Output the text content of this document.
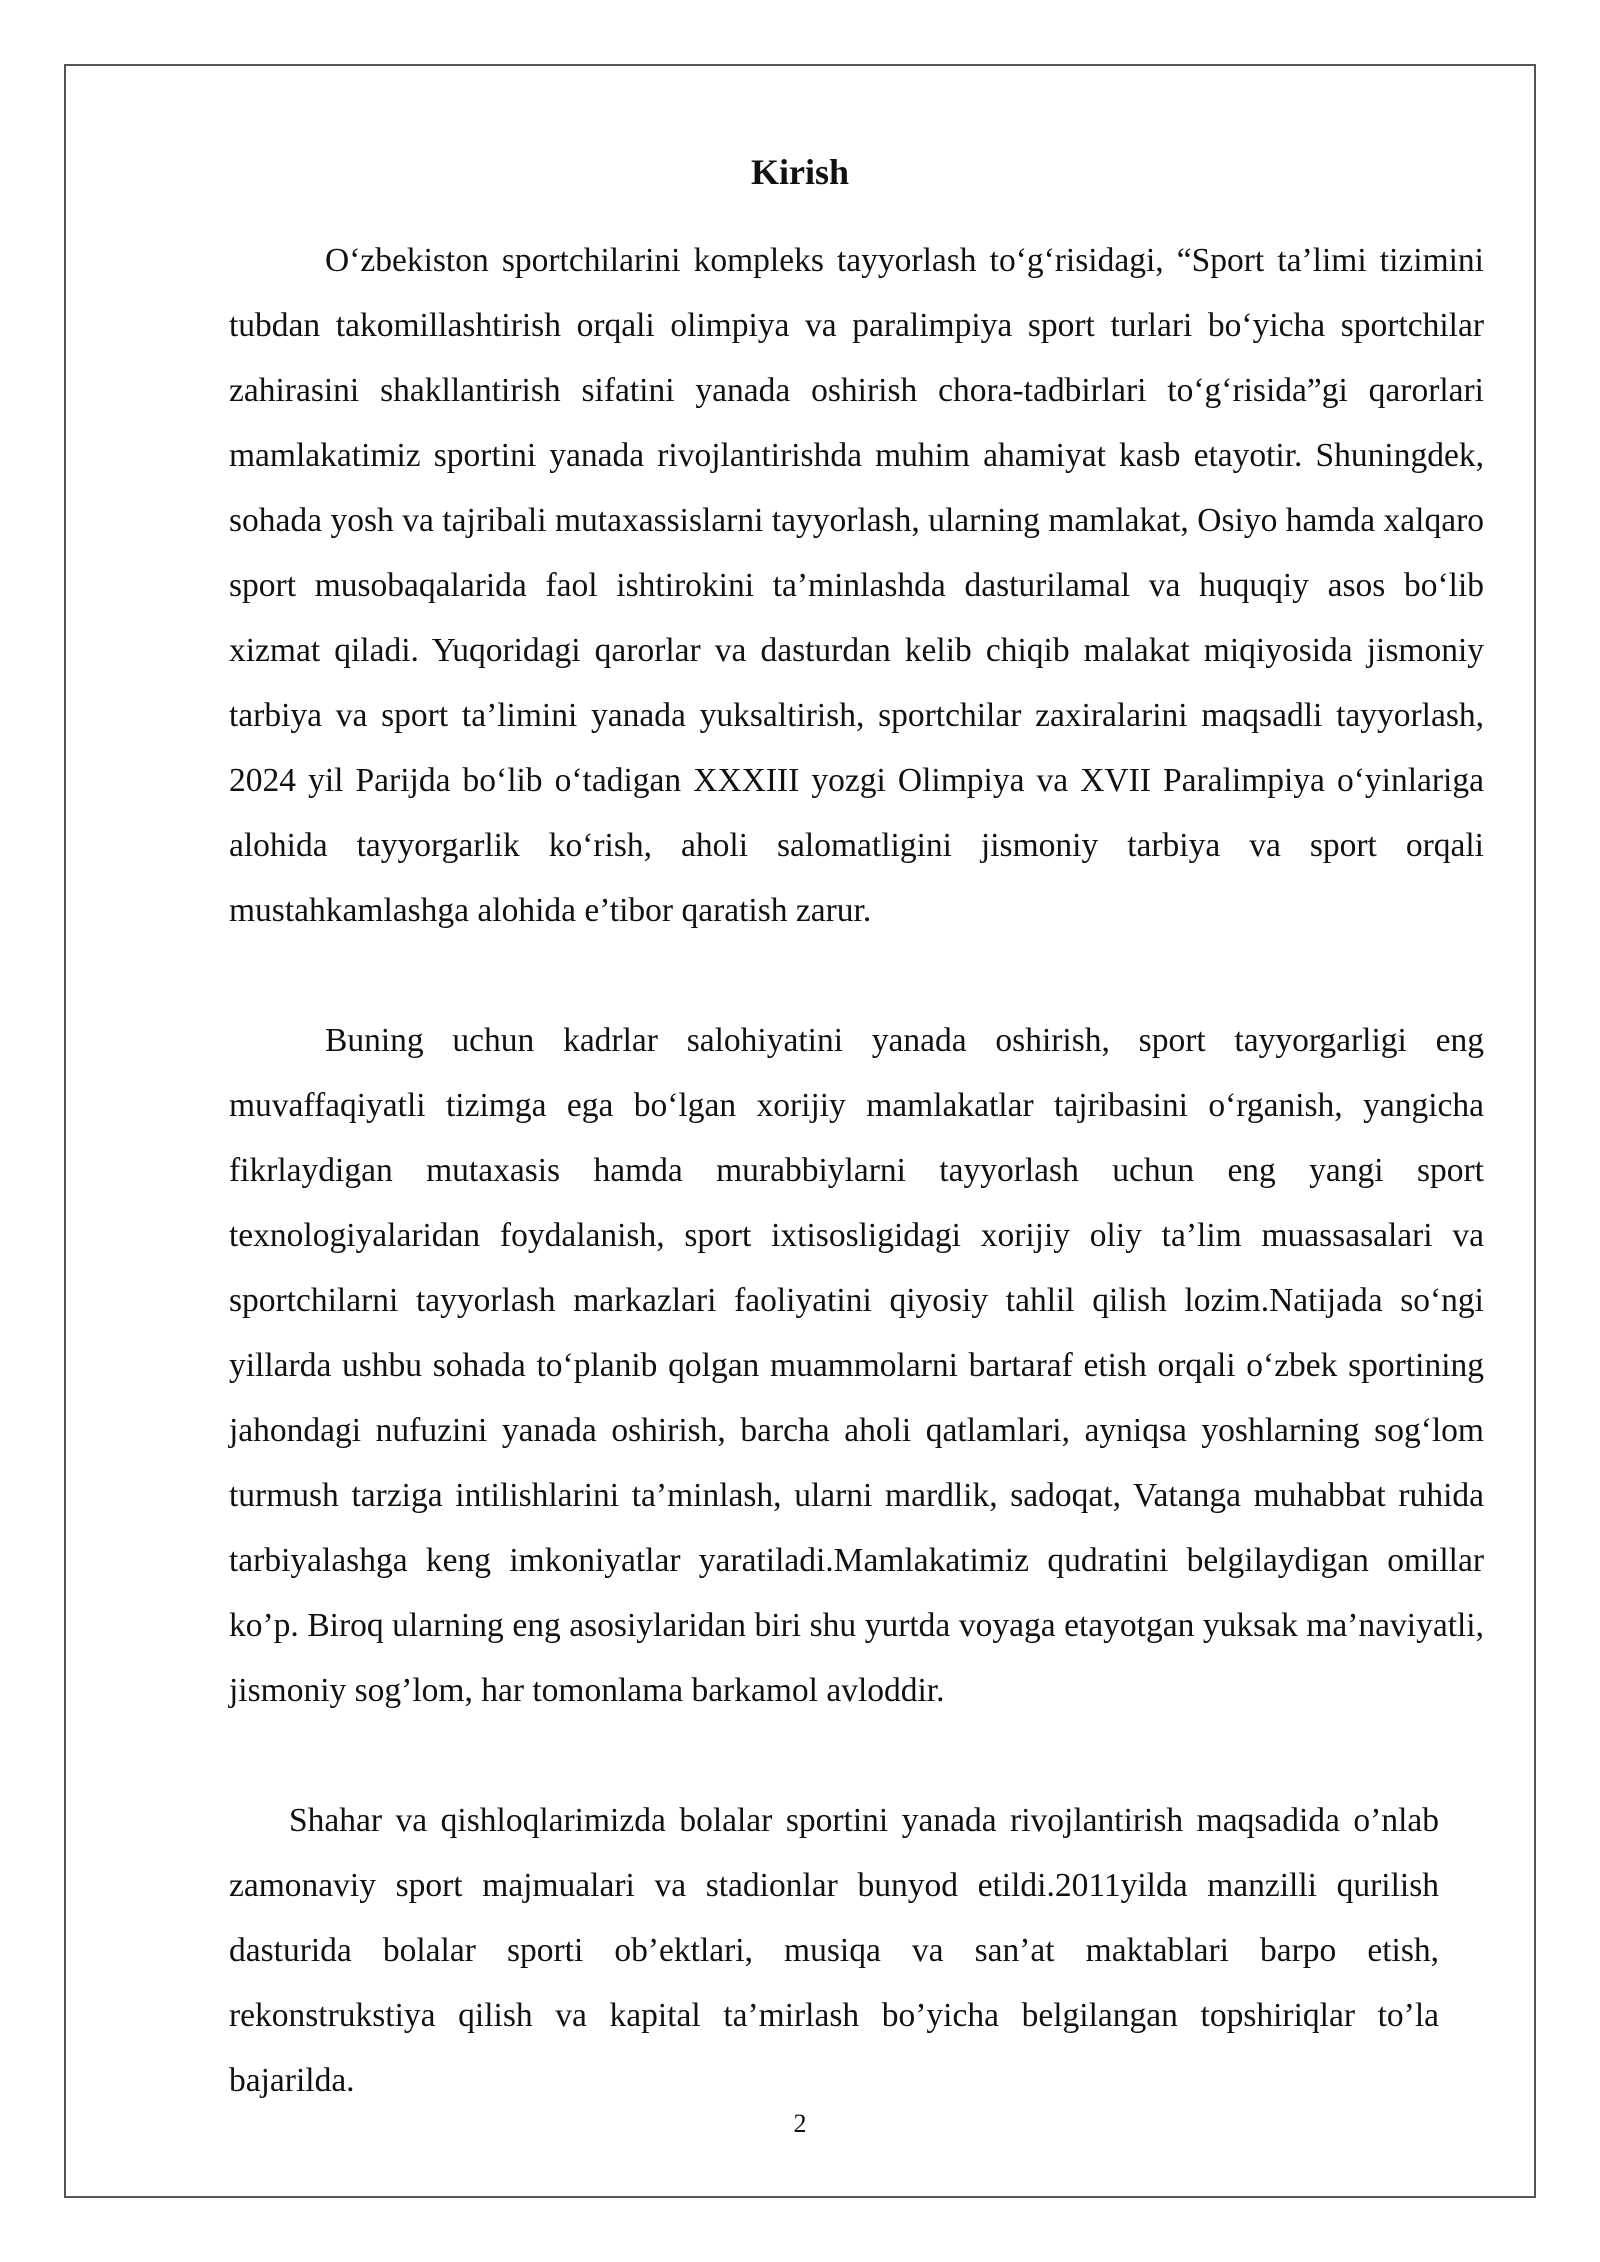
Kirish
O‘zbekiston sportchilarini kompleks tayyorlash to‘g‘risidagi, “Sport ta’limi tizimini tubdan takomillashtirish orqali olimpiya va paralimpiya sport turlari bo‘yicha sportchilar zahirasini shakllantirish sifatini yanada oshirish chora-tadbirlari to‘g‘risida”gi qarorlari mamlakatimiz sportini yanada rivojlantirishda muhim ahamiyat kasb etayotir. Shuningdek, sohada yosh va tajribali mutaxassislarni tayyorlash, ularning mamlakat, Osiyo hamda xalqaro sport musobaqalarida faol ishtirokini ta’minlashda dasturilamal va huquqiy asos bo‘lib xizmat qiladi. Yuqoridagi qarorlar va dasturdan kelib chiqib malakat miqiyosida jismoniy tarbiya va sport ta’limini yanada yuksaltirish, sportchilar zaxiralarini maqsadli tayyorlash, 2024 yil Parijda bo‘lib o‘tadigan XXXIII yozgi Olimpiya va XVII Paralimpiya o‘yinlariga alohida tayyorgarlik ko‘rish, aholi salomatligini jismoniy tarbiya va sport orqali mustahkamlashga alohida e’tibor qaratish zarur.
Buning uchun kadrlar salohiyatini yanada oshirish, sport tayyorgarligi eng muvaffaqiyatli tizimga ega bo‘lgan xorijiy mamlakatlar tajribasini o‘rganish, yangicha fikrlaydigan mutaxasis hamda murabbiylarni tayyorlash uchun eng yangi sport texnologiyalaridan foydalanish, sport ixtisosligidagi xorijiy oliy ta’lim muassasalari va sportchilarni tayyorlash markazlari faoliyatini qiyosiy tahlil qilish lozim.Natijada so‘ngi yillarda ushbu sohada to‘planib qolgan muammolarni bartaraf etish orqali o‘zbek sportining jahondagi nufuzini yanada oshirish, barcha aholi qatlamlari, ayniqsa yoshlarning sog‘lom turmush tarziga intilishlarini ta’minlash, ularni mardlik, sadoqat, Vatanga muhabbat ruhida tarbiyalashga keng imkoniyatlar yaratiladi.Mamlakatimiz qudratini belgilaydigan omillar ko’p. Biroq ularning eng asosiylaridan biri shu yurtda voyaga etayotgan yuksak ma’naviyatli, jismoniy sog’lom, har tomonlama barkamol avloddir.
Shahar va qishloqlarimizda bolalar sportini yanada rivojlantirish maqsadida o’nlab zamonaviy sport majmualari va stadionlar bunyod etildi.2011yilda manzilli qurilish dasturida bolalar sporti ob’ektlari, musiqa va san’at maktablari barpo etish, rekonstrukstiya qilish va kapital ta’mirlash bo’yicha belgilangan topshiriqlar to’la bajarilda.
2
